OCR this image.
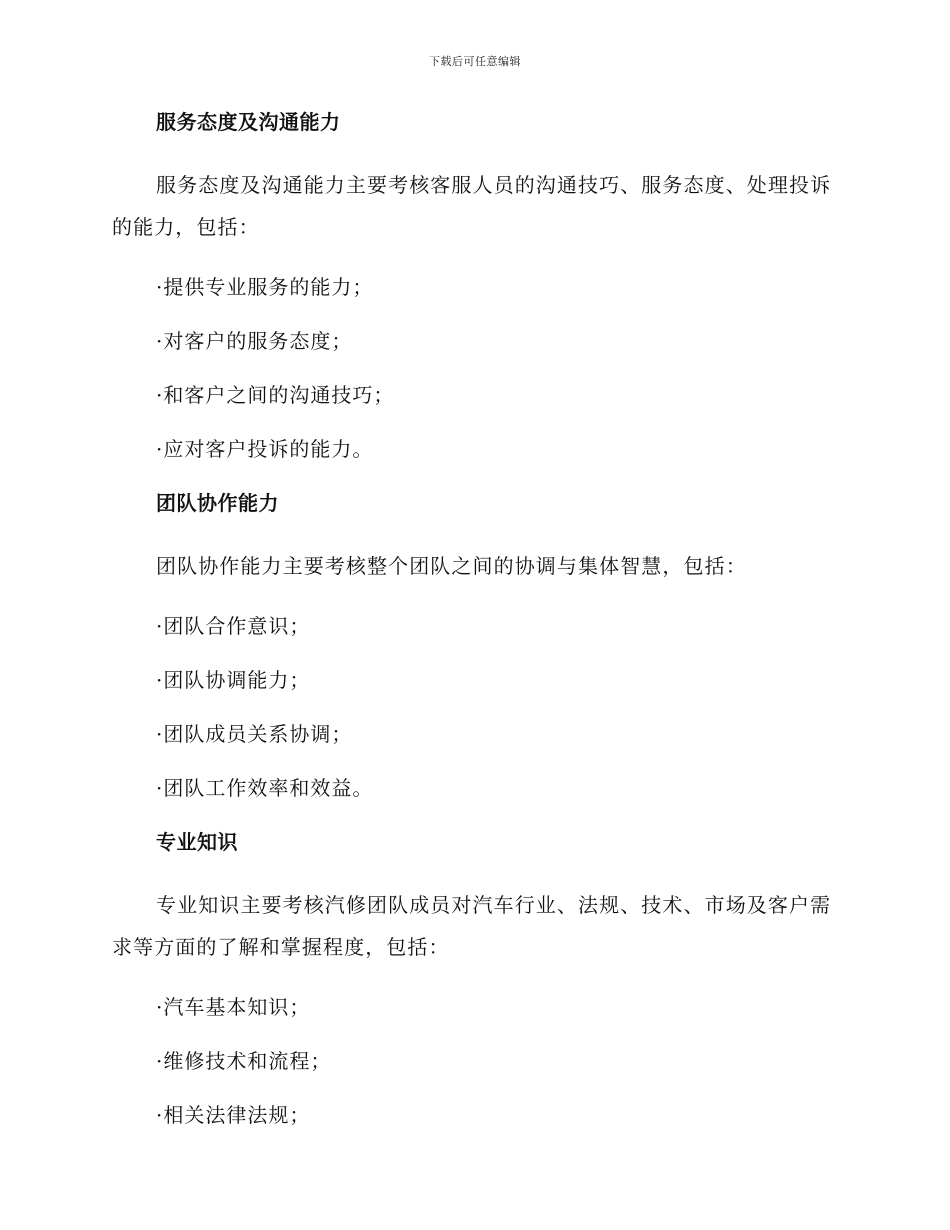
下载后可任意编辑
服务态度及沟通能力

服务态度及沟通能力主要考核客服人员的沟通技巧、服务态度、处理投诉的能力，包括：

·提供专业服务的能力；
·对客户的服务态度；
·和客户之间的沟通技巧；
·应对客户投诉的能力。
团队协作能力

团队协作能力主要考核整个团队之间的协调与集体智慧，包括：

·团队合作意识；
·团队协调能力；
·团队成员关系协调；
·团队工作效率和效益。
专业知识

专业知识主要考核汽修团队成员对汽车行业、法规、技术、市场及客户需求等方面的了解和掌握程度，包括：

·汽车基本知识；
·维修技术和流程；
·相关法律法规；
